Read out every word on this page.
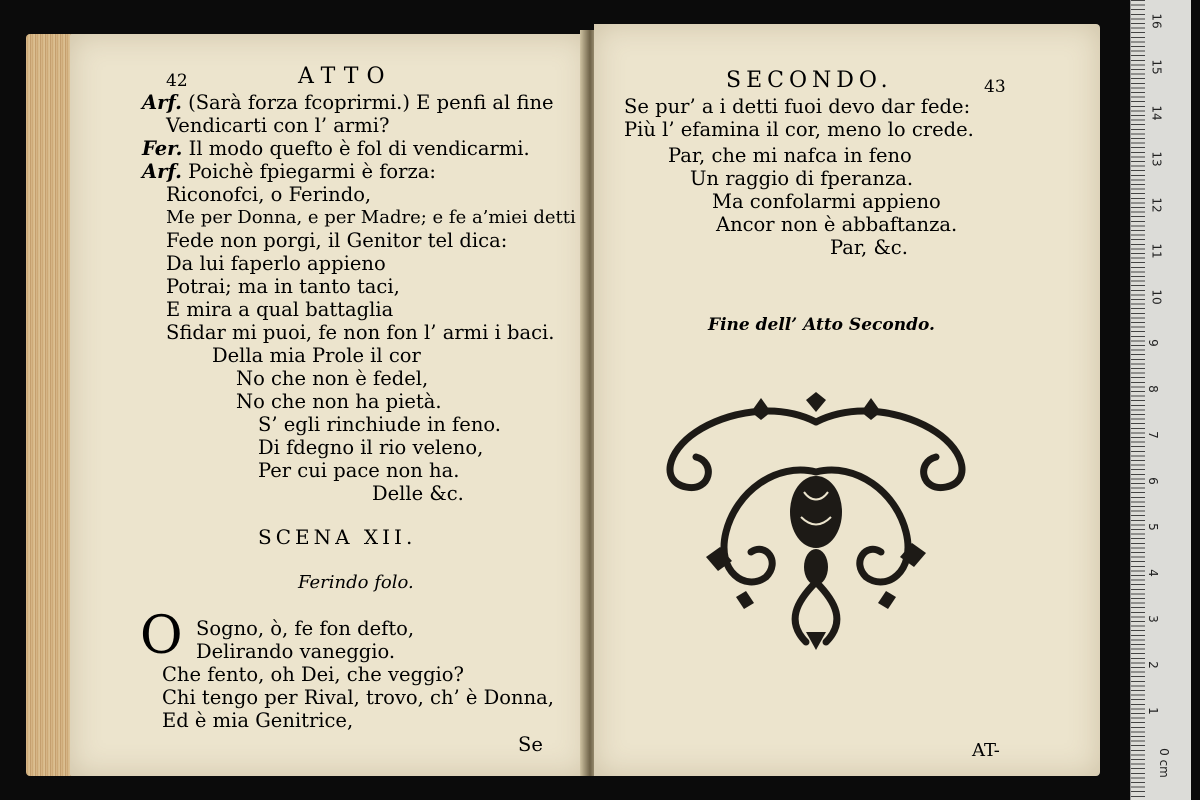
42	ATTO
Arf. (Sarà forza fcoprirmi.) E penfi al fine
Vendicarti con l’ armi?
Fer. Il modo quefto è fol di vendicarmi.
Arf. Poichè fpiegarmi è forza:
Riconofci, o Ferindo,
Me per Donna, e per Madre; e fe a’miei detti
Fede non porgi, il Genitor tel dica:
Da lui faperlo appieno
Potrai; ma in tanto taci,
E mira a qual battaglia
Sfidar mi puoi, fe non fon l’ armi i baci.
Della mia Prole il cor
No che non è fedel,
No che non ha pietà.
S’ egli rinchiude in feno.
Di fdegno il rio veleno,
Per cui pace non ha.
Delle &c.
SCENA XII.
Ferindo folo.
O Sogno, ò, fe fon defto,
Delirando vaneggio.
Che fento, oh Dei, che veggio?
Chi tengo per Rival, trovo, ch’ è Donna,
Ed è mia Genitrice,
Se
SECONDO.	43
Se pur’ a i detti fuoi devo dar fede:
Più l’ efamina il cor, meno lo crede.
Par, che mi nafca in feno
Un raggio di fperanza.
Ma confolarmi appieno
Ancor non è abbaftanza.
Par, &c.
Fine dell’ Atto Secondo.
AT-
16
15
14
13
12
11
10
9
8
7
6
5
4
3
2
1
0 cm
